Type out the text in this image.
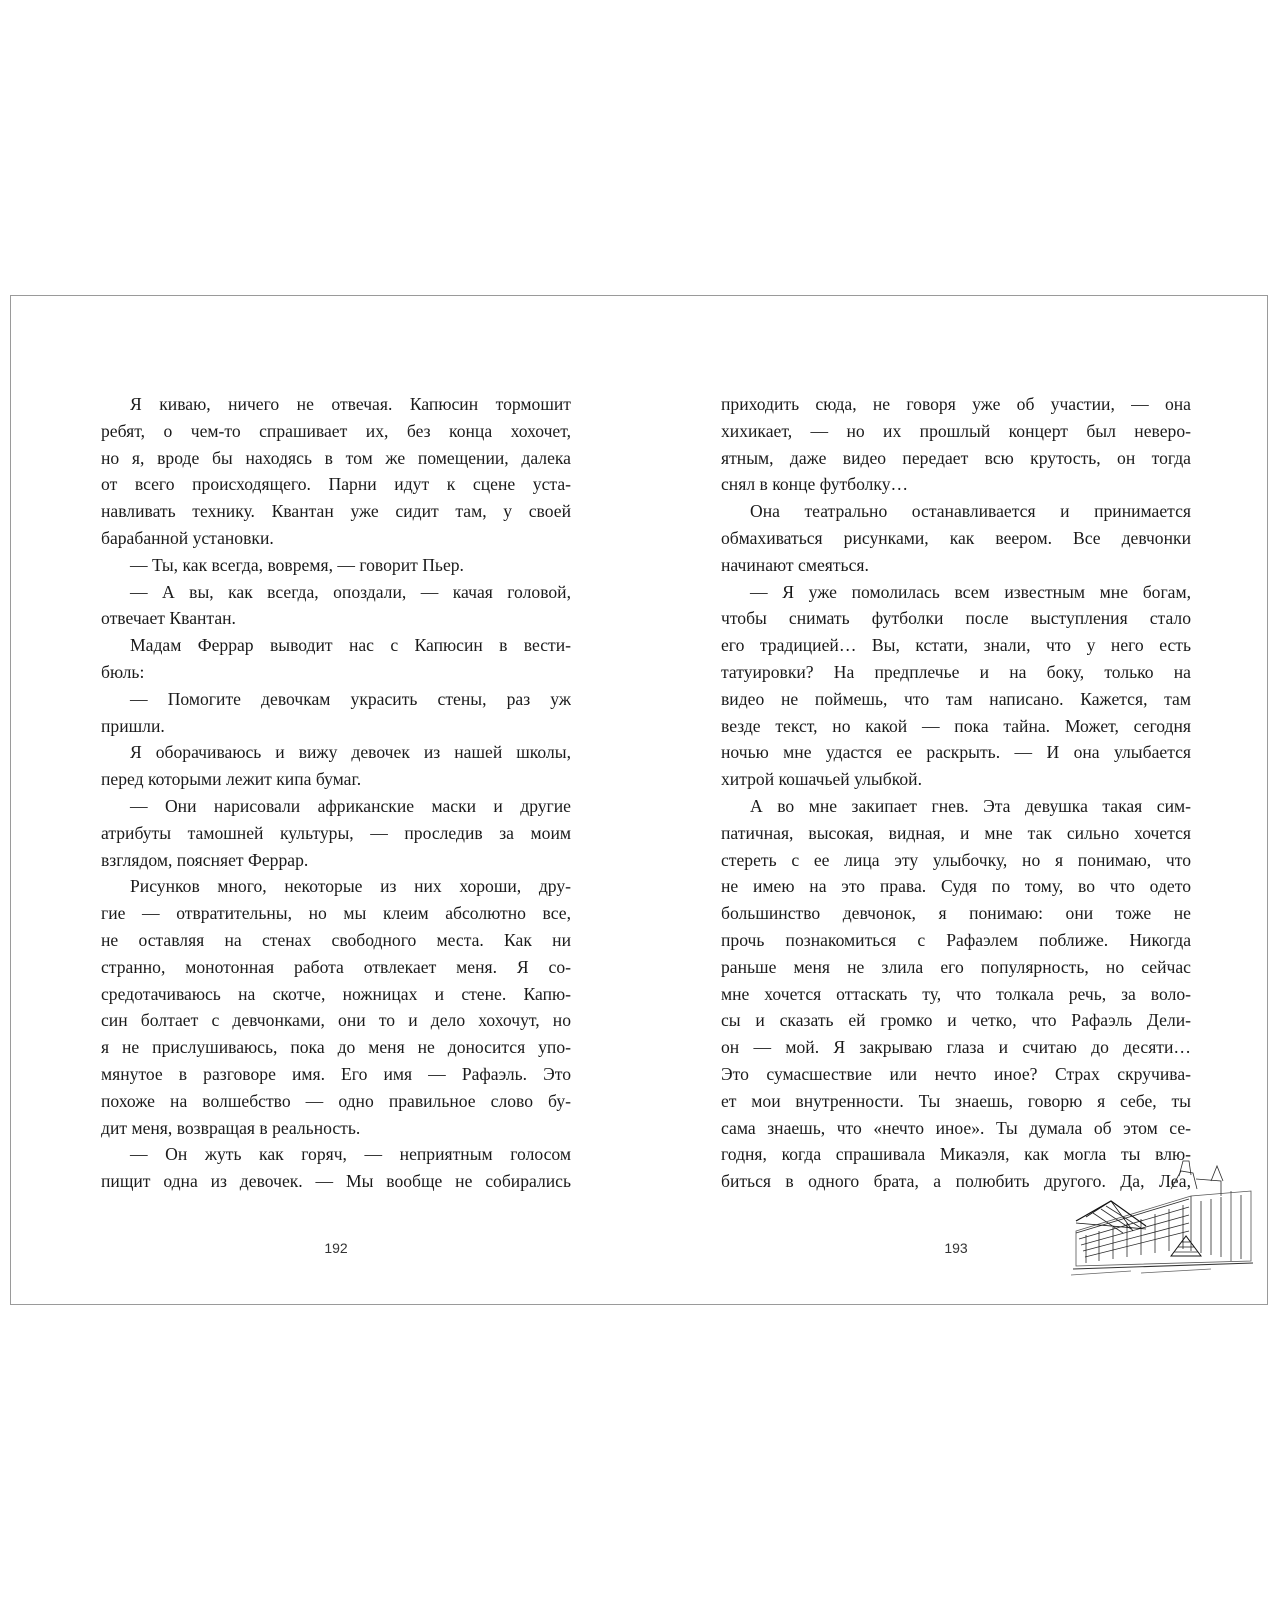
Я киваю, ничего не отвечая. Капюсин тормошит
ребят, о чем-то спрашивает их, без конца хохочет,
но я, вроде бы находясь в том же помещении, далека
от всего происходящего. Парни идут к сцене уста-
навливать технику. Квантан уже сидит там, у своей
барабанной установки.
— Ты, как всегда, вовремя, — говорит Пьер.
— А вы, как всегда, опоздали, — качая головой,
отвечает Квантан.
Мадам Феррар выводит нас с Капюсин в вести-
бюль:
— Помогите девочкам украсить стены, раз уж
пришли.
Я оборачиваюсь и вижу девочек из нашей школы,
перед которыми лежит кипа бумаг.
— Они нарисовали африканские маски и другие
атрибуты тамошней культуры, — проследив за моим
взглядом, поясняет Феррар.
Рисунков много, некоторые из них хороши, дру-
гие — отвратительны, но мы клеим абсолютно все,
не оставляя на стенах свободного места. Как ни
странно, монотонная работа отвлекает меня. Я со-
средотачиваюсь на скотче, ножницах и стене. Капю-
син болтает с девчонками, они то и дело хохочут, но
я не прислушиваюсь, пока до меня не доносится упо-
мянутое в разговоре имя. Его имя — Рафаэль. Это
похоже на волшебство — одно правильное слово бу-
дит меня, возвращая в реальность.
— Он жуть как горяч, — неприятным голосом
пищит одна из девочек. — Мы вообще не собирались
приходить сюда, не говоря уже об участии, — она
хихикает, — но их прошлый концерт был неверо-
ятным, даже видео передает всю крутость, он тогда
снял в конце футболку…
Она театрально останавливается и принимается
обмахиваться рисунками, как веером. Все девчонки
начинают смеяться.
— Я уже помолилась всем известным мне богам,
чтобы снимать футболки после выступления стало
его традицией… Вы, кстати, знали, что у него есть
татуировки? На предплечье и на боку, только на
видео не поймешь, что там написано. Кажется, там
везде текст, но какой — пока тайна. Может, сегодня
ночью мне удастся ее раскрыть. — И она улыбается
хитрой кошачьей улыбкой.
А во мне закипает гнев. Эта девушка такая сим-
патичная, высокая, видная, и мне так сильно хочется
стереть с ее лица эту улыбочку, но я понимаю, что
не имею на это права. Судя по тому, во что одето
большинство девчонок, я понимаю: они тоже не
прочь познакомиться с Рафаэлем поближе. Никогда
раньше меня не злила его популярность, но сейчас
мне хочется оттаскать ту, что толкала речь, за воло-
сы и сказать ей громко и четко, что Рафаэль Дели-
он — мой. Я закрываю глаза и считаю до десяти…
Это сумасшествие или нечто иное? Страх скручива-
ет мои внутренности. Ты знаешь, говорю я себе, ты
сама знаешь, что «нечто иное». Ты думала об этом се-
годня, когда спрашивала Микаэля, как могла ты влю-
биться в одного брата, а полюбить другого. Да, Леа,
192	193
